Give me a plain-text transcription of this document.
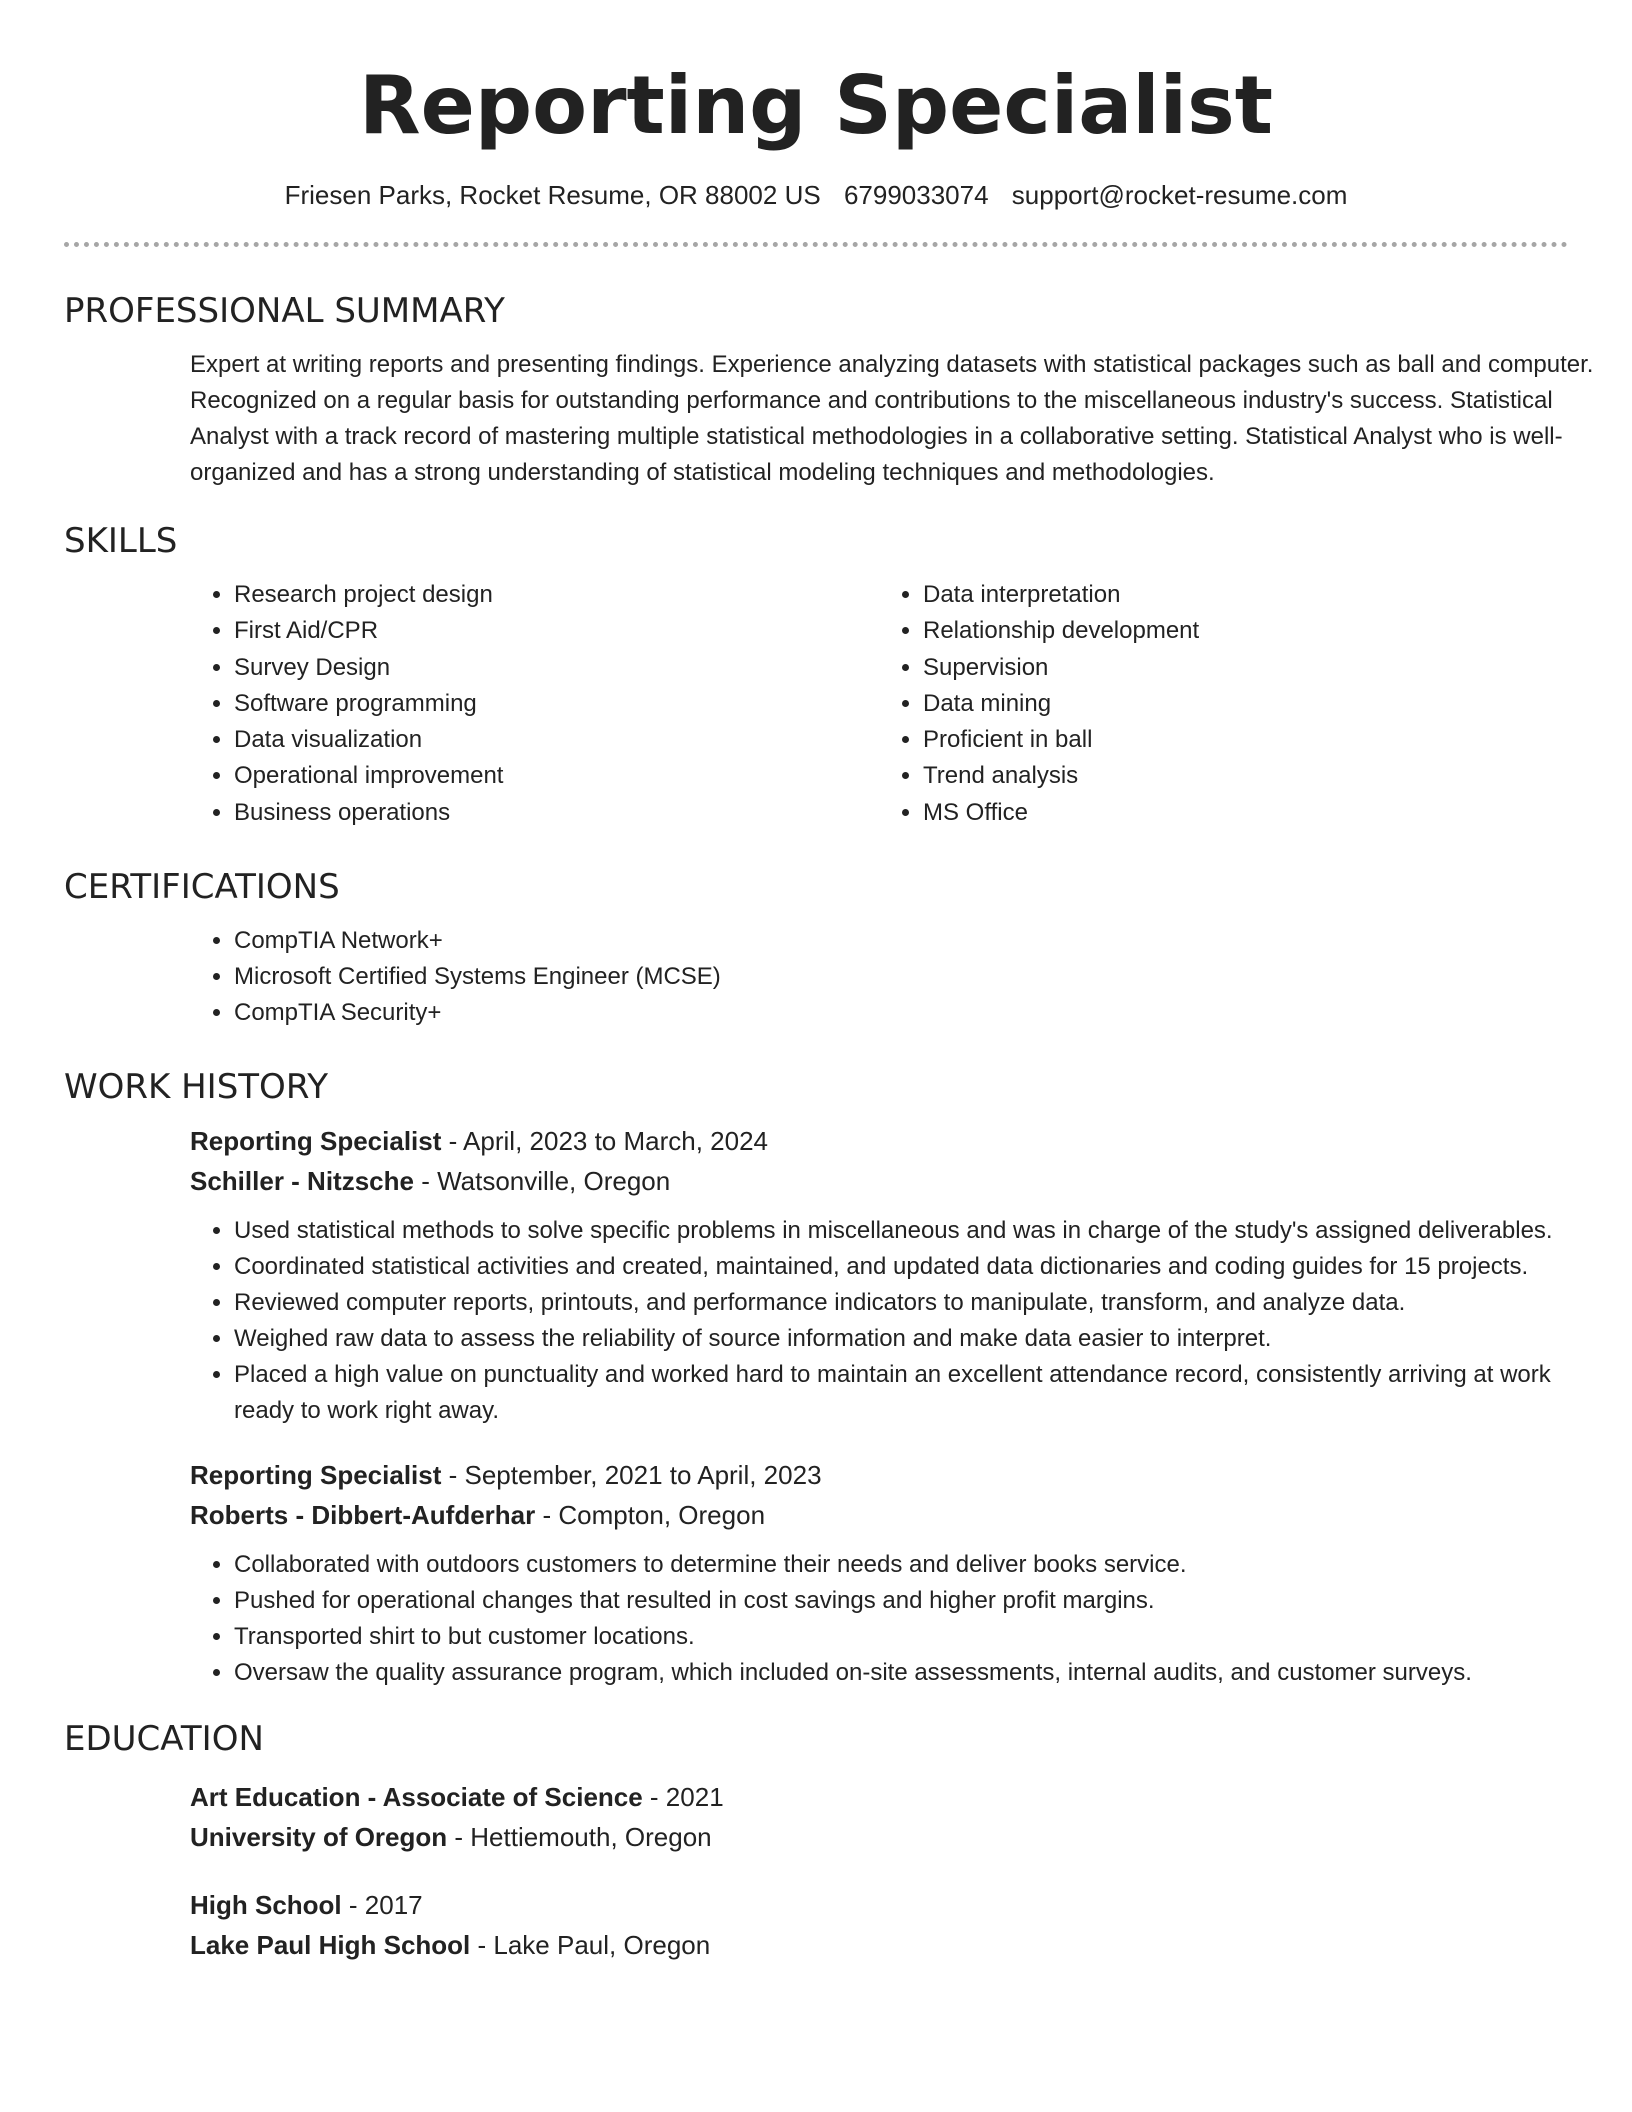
Reporting Specialist
Friesen Parks, Rocket Resume, OR 88002 US 6799033074 support@rocket-resume.com
PROFESSIONAL SUMMARY

Expert at writing reports and presenting findings. Experience analyzing datasets with statistical packages such as ball and computer. Recognized on a regular basis for outstanding performance and contributions to the miscellaneous industry's success. Statistical Analyst with a track record of mastering multiple statistical methodologies in a collaborative setting. Statistical Analyst who is well-organized and has a strong understanding of statistical modeling techniques and methodologies.

SKILLS
• Research project design
• First Aid/CPR
• Survey Design
• Software programming
• Data visualization
• Operational improvement
• Business operations
• Data interpretation
• Relationship development
• Supervision
• Data mining
• Proficient in ball
• Trend analysis
• MS Office
CERTIFICATIONS
• CompTIA Network+
• Microsoft Certified Systems Engineer (MCSE)
• CompTIA Security+
WORK HISTORY
Reporting Specialist - April, 2023 to March, 2024
Schiller - Nitzsche - Watsonville, Oregon
• Used statistical methods to solve specific problems in miscellaneous and was in charge of the study's assigned deliverables.
• Coordinated statistical activities and created, maintained, and updated data dictionaries and coding guides for 15 projects.
• Reviewed computer reports, printouts, and performance indicators to manipulate, transform, and analyze data.
• Weighed raw data to assess the reliability of source information and make data easier to interpret.
• Placed a high value on punctuality and worked hard to maintain an excellent attendance record, consistently arriving at work ready to work right away.
Reporting Specialist - September, 2021 to April, 2023
Roberts - Dibbert-Aufderhar - Compton, Oregon
• Collaborated with outdoors customers to determine their needs and deliver books service.
• Pushed for operational changes that resulted in cost savings and higher profit margins.
• Transported shirt to but customer locations.
• Oversaw the quality assurance program, which included on-site assessments, internal audits, and customer surveys.
EDUCATION
Art Education - Associate of Science - 2021
University of Oregon - Hettiemouth, Oregon
High School - 2017
Lake Paul High School - Lake Paul, Oregon
